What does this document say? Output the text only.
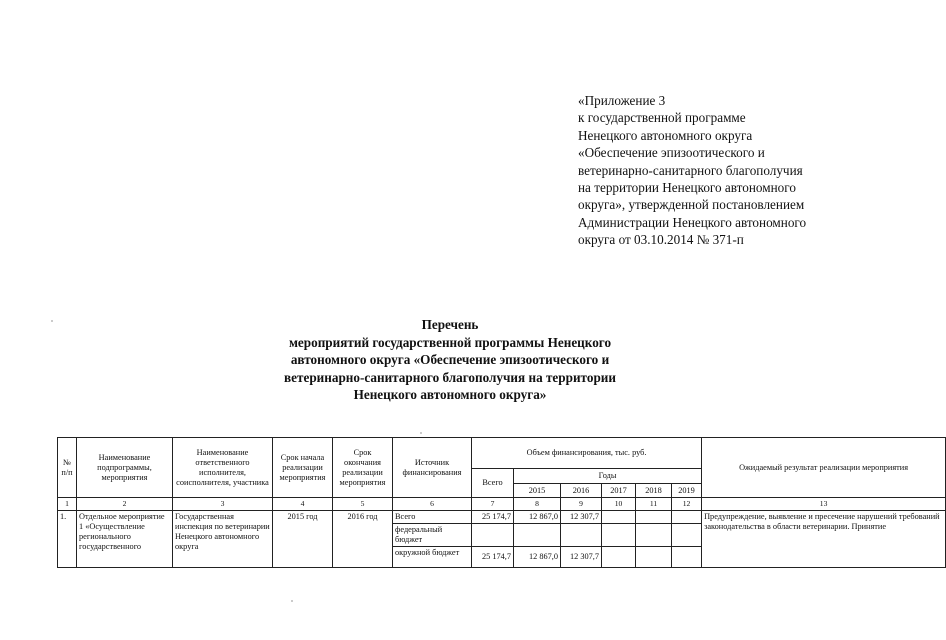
«Приложение 3
к государственной программе
Ненецкого автономного округа
«Обеспечение эпизоотического и
ветеринарно-санитарного благополучия
на территории Ненецкого автономного
округа», утвержденной постановлением
Администрации Ненецкого автономного
округа от 03.10.2014 № 371-п
Перечень
мероприятий государственной программы Ненецкого
автономного округа «Обеспечение эпизоотического и
ветеринарно-санитарного благополучия на территории
Ненецкого автономного округа»
№ п/п	Наименование подпрограммы, мероприятия	Наименование ответственного исполнителя, соисполнителя, участника	Срок начала реализации мероприятия	Срок окончания реализации мероприятия	Источник финансирования	Объем финансирования, тыс. руб.						Ожидаемый результат реализации мероприятия
						Всего	Годы					
							2015	2016	2017	2018	2019	
1	2	3	4	5	6	7	8	9	10	11	12	13
1.	Отдельное мероприятие 1 «Осуществление регионального государственного	Государственная инспекция по ветеринарии Ненецкого автономного округа	2015 год	2016 год	Всего	25 174,7	12 867,0	12 307,7				Предупреждение, выявление и пресечение нарушений требований законодательства в области ветеринарии. Принятие
					федеральный бюджет							
					окружной бюджет	25 174,7	12 867,0	12 307,7				
